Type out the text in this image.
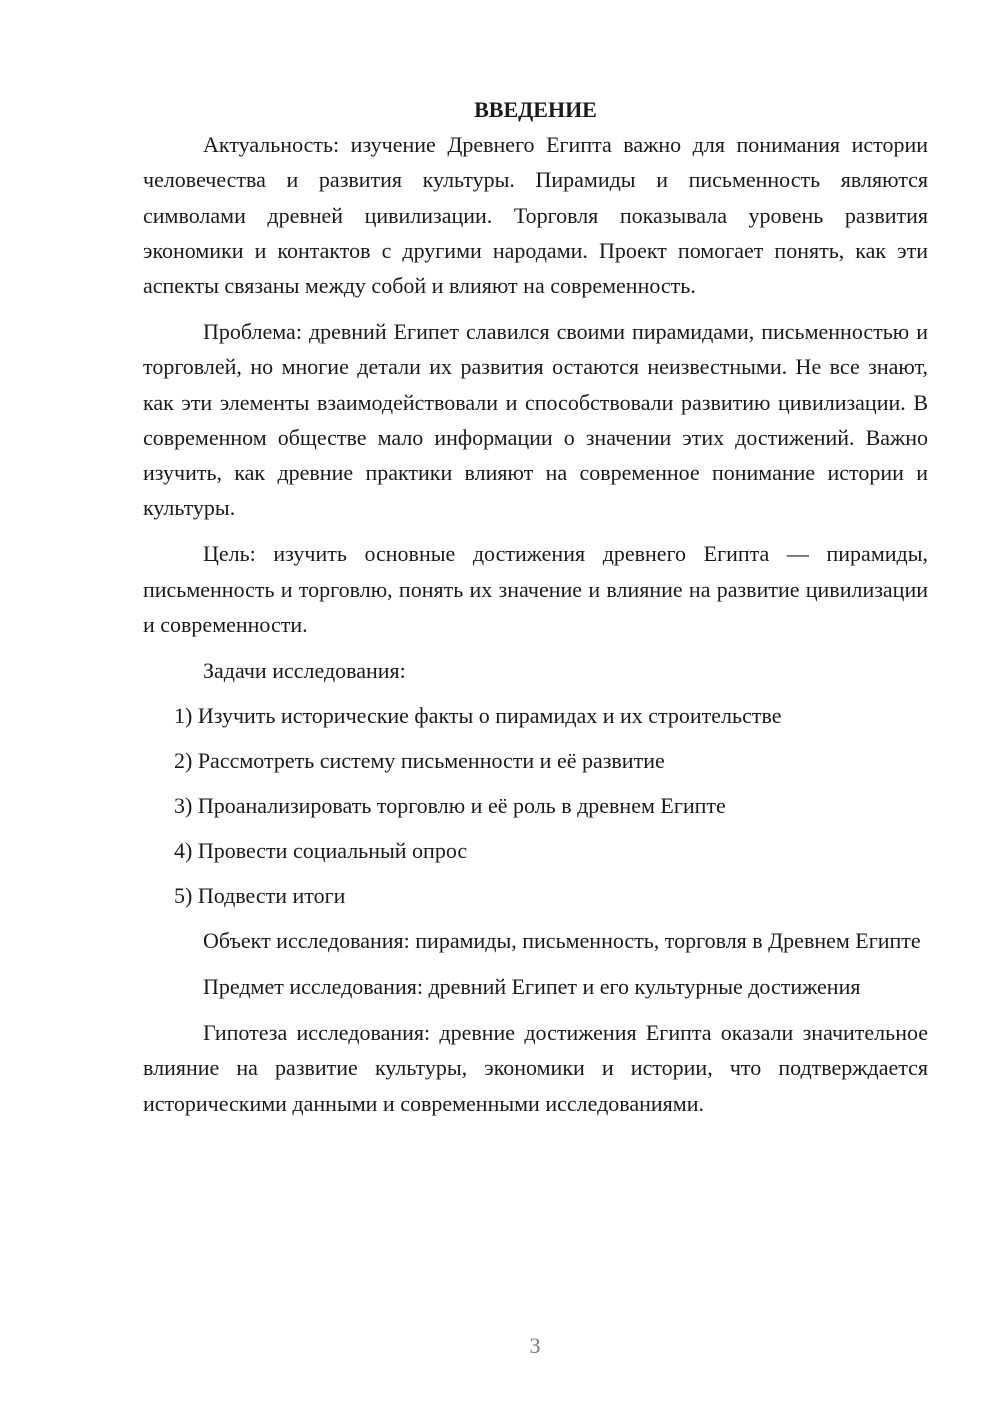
ВВЕДЕНИЕ

Актуальность: изучение Древнего Египта важно для понимания истории человечества и развития культуры. Пирамиды и письменность являются символами древней цивилизации. Торговля показывала уровень развития экономики и контактов с другими народами. Проект помогает понять, как эти аспекты связаны между собой и влияют на современность.

Проблема: древний Египет славился своими пирамидами, письменностью и торговлей, но многие детали их развития остаются неизвестными. Не все знают, как эти элементы взаимодействовали и способствовали развитию цивилизации. В современном обществе мало информации о значении этих достижений. Важно изучить, как древние практики влияют на современное понимание истории и культуры.

Цель: изучить основные достижения древнего Египта — пирамиды, письменность и торговлю, понять их значение и влияние на развитие цивилизации и современности.

Задачи исследования:
1) Изучить исторические факты о пирамидах и их строительстве
2) Рассмотреть систему письменности и её развитие
3) Проанализировать торговлю и её роль в древнем Египте
4) Провести социальный опрос
5) Подвести итоги

Объект исследования: пирамиды, письменность, торговля в Древнем Египте

Предмет исследования: древний Египет и его культурные достижения

Гипотеза исследования: древние достижения Египта оказали значительное влияние на развитие культуры, экономики и истории, что подтверждается историческими данными и современными исследованиями.

3
